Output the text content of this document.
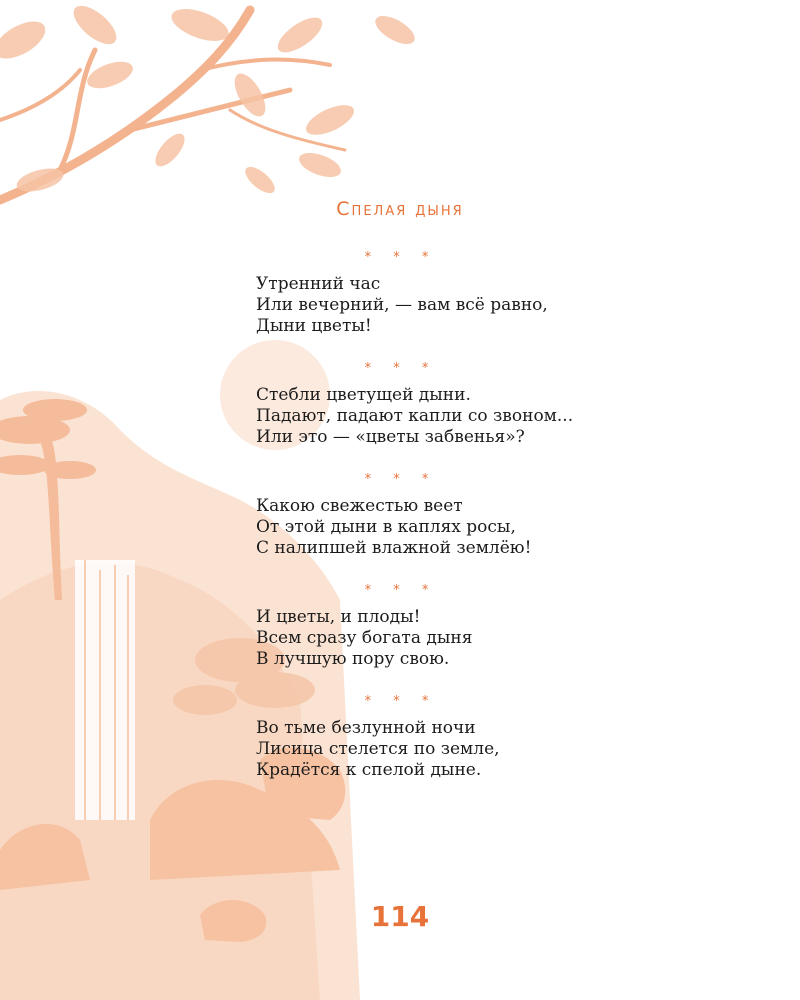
Спелая дыня
* * *
Утренний час
Или вечерний, — вам всё равно,
Дыни цветы!
* * *
Стебли цветущей дыни.
Падают, падают капли со звоном...
Или это — «цветы забвенья»?
* * *
Какою свежестью веет
От этой дыни в каплях росы,
С налипшей влажной землёю!
* * *
И цветы, и плоды!
Всем сразу богата дыня
В лучшую пору свою.
* * *
Во тьме безлунной ночи
Лисица стелется по земле,
Крадётся к спелой дыне.
114
